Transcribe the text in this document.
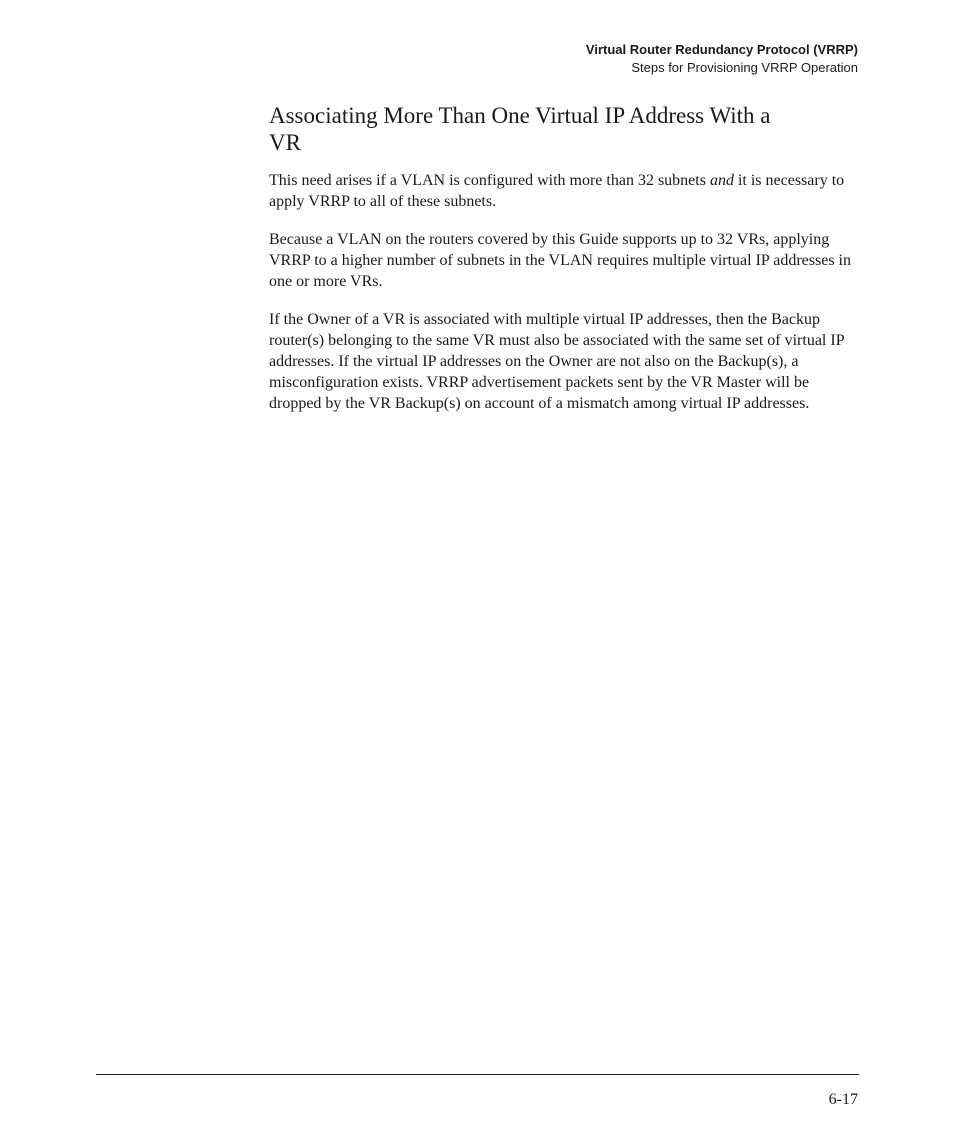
Virtual Router Redundancy Protocol (VRRP)
Steps for Provisioning VRRP Operation
Associating More Than One Virtual IP Address With a VR

This need arises if a VLAN is configured with more than 32 subnets and it is necessary to apply VRRP to all of these subnets.

Because a VLAN on the routers covered by this Guide supports up to 32 VRs, applying VRRP to a higher number of subnets in the VLAN requires multiple virtual IP addresses in one or more VRs.

If the Owner of a VR is associated with multiple virtual IP addresses, then the Backup router(s) belonging to the same VR must also be associated with the same set of virtual IP addresses. If the virtual IP addresses on the Owner are not also on the Backup(s), a misconfiguration exists. VRRP advertisement packets sent by the VR Master will be dropped by the VR Backup(s) on account of a mismatch among virtual IP addresses.

6-17
